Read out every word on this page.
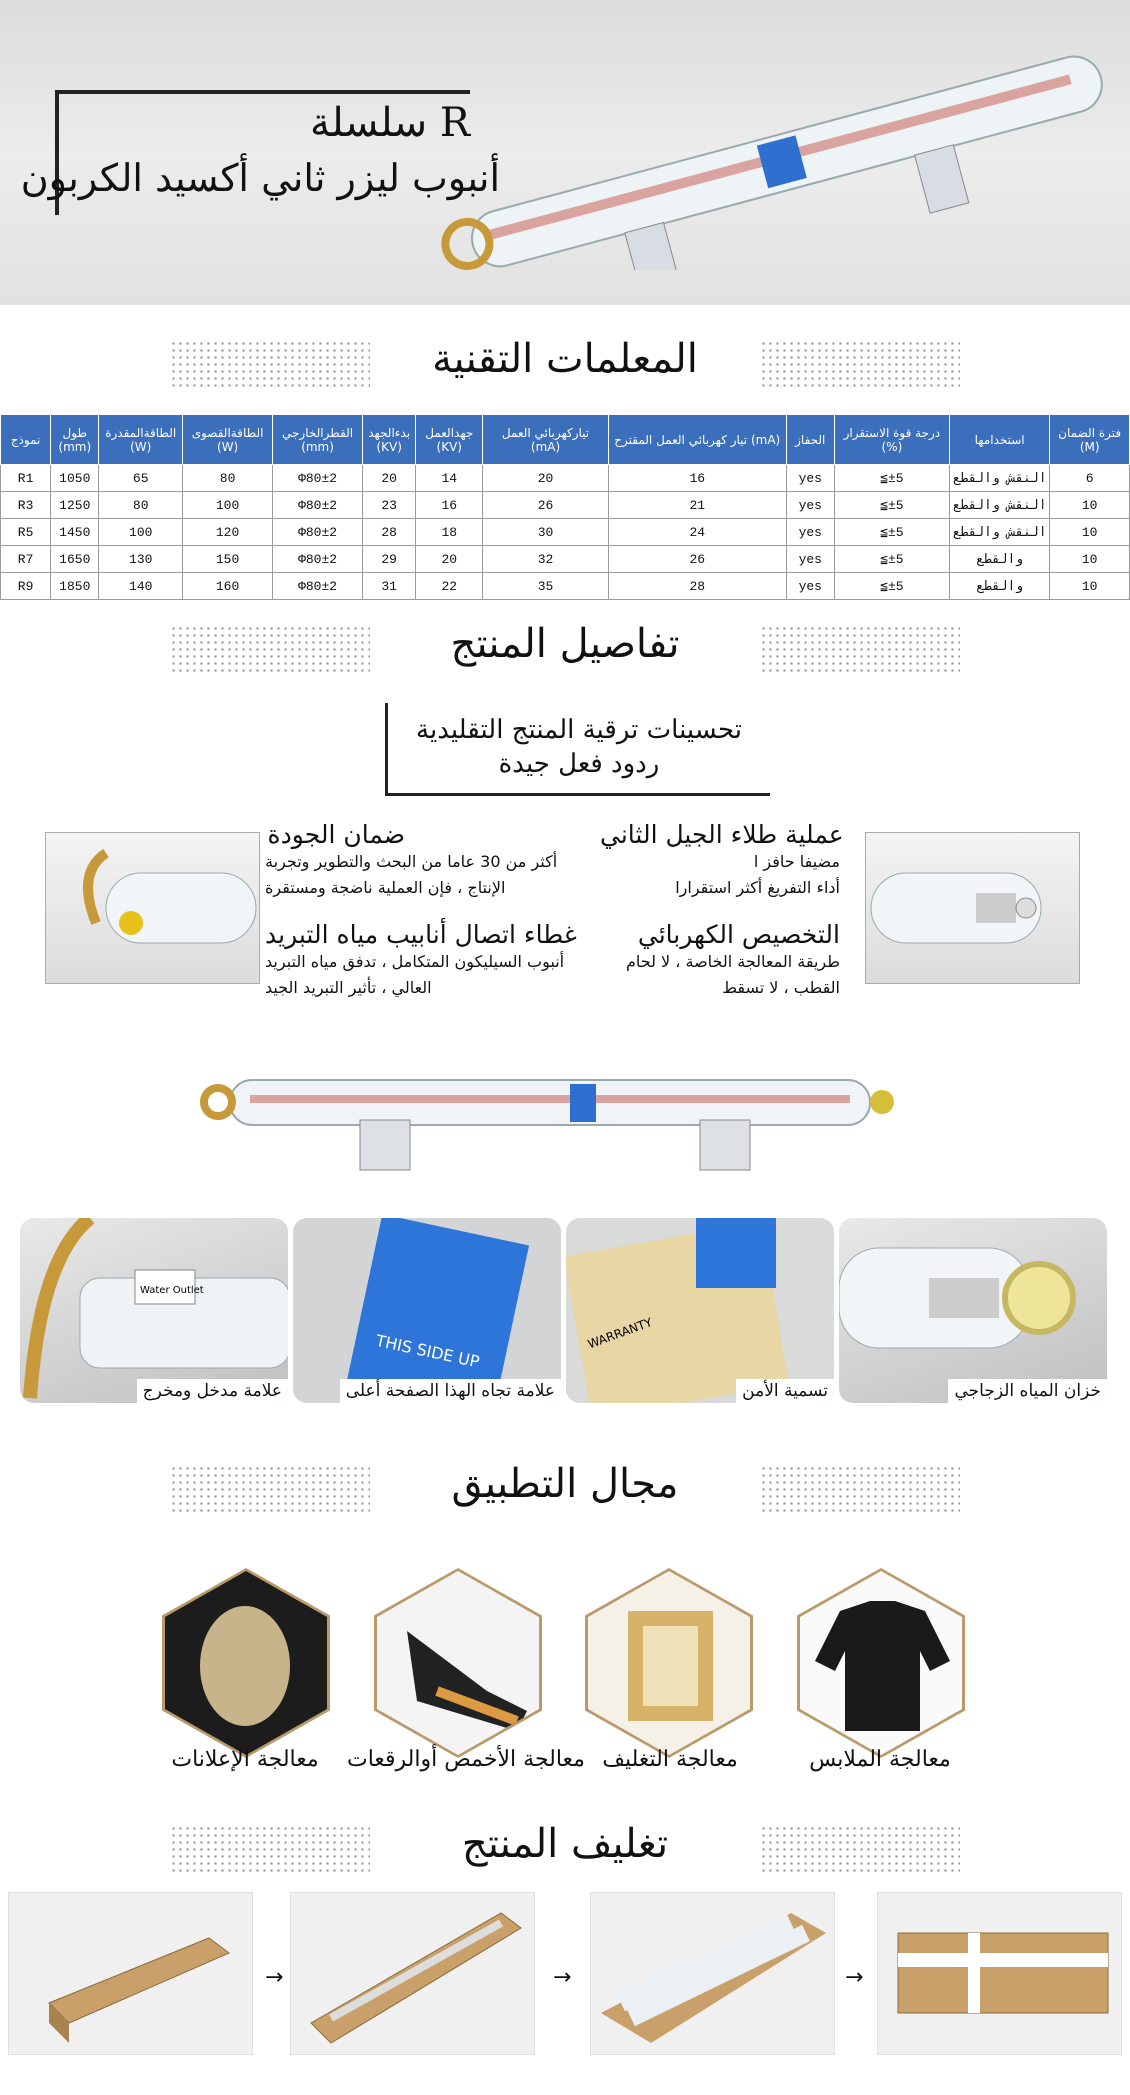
سلسلة R
أنبوب ليزر ثاني أكسيد الكربون
المعلمات التقنية
نموذج	طول (mm)	الطاقةالمقدرة (W)	الطاقةالقصوى (W)	القطرالخارجي (mm)	بدءالجهد (KV)	جهدالعمل (KV)	تياركهربائي العمل (mA)	تيار كهربائي العمل المقترح (mA)	الحفاز	درجة قوة الاستقرار (%)	استخدامها	فترة الضمان (M)
R1	1050	65	80	Φ80±2	20	14	20	16	yes	≦±5	النقش والقطع	6
R3	1250	80	100	Φ80±2	23	16	26	21	yes	≦±5	النقش والقطع	10
R5	1450	100	120	Φ80±2	28	18	30	24	yes	≦±5	النقش والقطع	10
R7	1650	130	150	Φ80±2	29	20	32	26	yes	≦±5	والقطع	10
R9	1850	140	160	Φ80±2	31	22	35	28	yes	≦±5	والقطع	10
تفاصيل المنتج
تحسينات ترقية المنتج التقليدية
ردود فعل جيدة
عملية طلاء الجيل الثاني
مضيفا حافز ا
أداء التفريغ أكثر استقرارا
التخصيص الكهربائي
طريقة المعالجة الخاصة ، لا لحام
القطب ، لا تسقط
ضمان الجودة
أكثر من 30 عاما من البحث والتطوير وتجربة
الإنتاج ، فإن العملية ناضجة ومستقرة
غطاء اتصال أنابيب مياه التبريد
أنبوب السيليكون المتكامل ، تدفق مياه التبريد
العالي ، تأثير التبريد الجيد
Water Outlet
علامة مدخل ومخرج
THIS SIDE UP
علامة تجاه الهذا الصفحة أعلى
WARRANTY
تسمية الأمن	خزان المياه الزجاجي
مجال التطبيق
معالجة الإعلانات	معالجة الأخمص أوالرقعات معالجة التغليف	معالجة الملابس
تغليف المنتج
→	→	→
